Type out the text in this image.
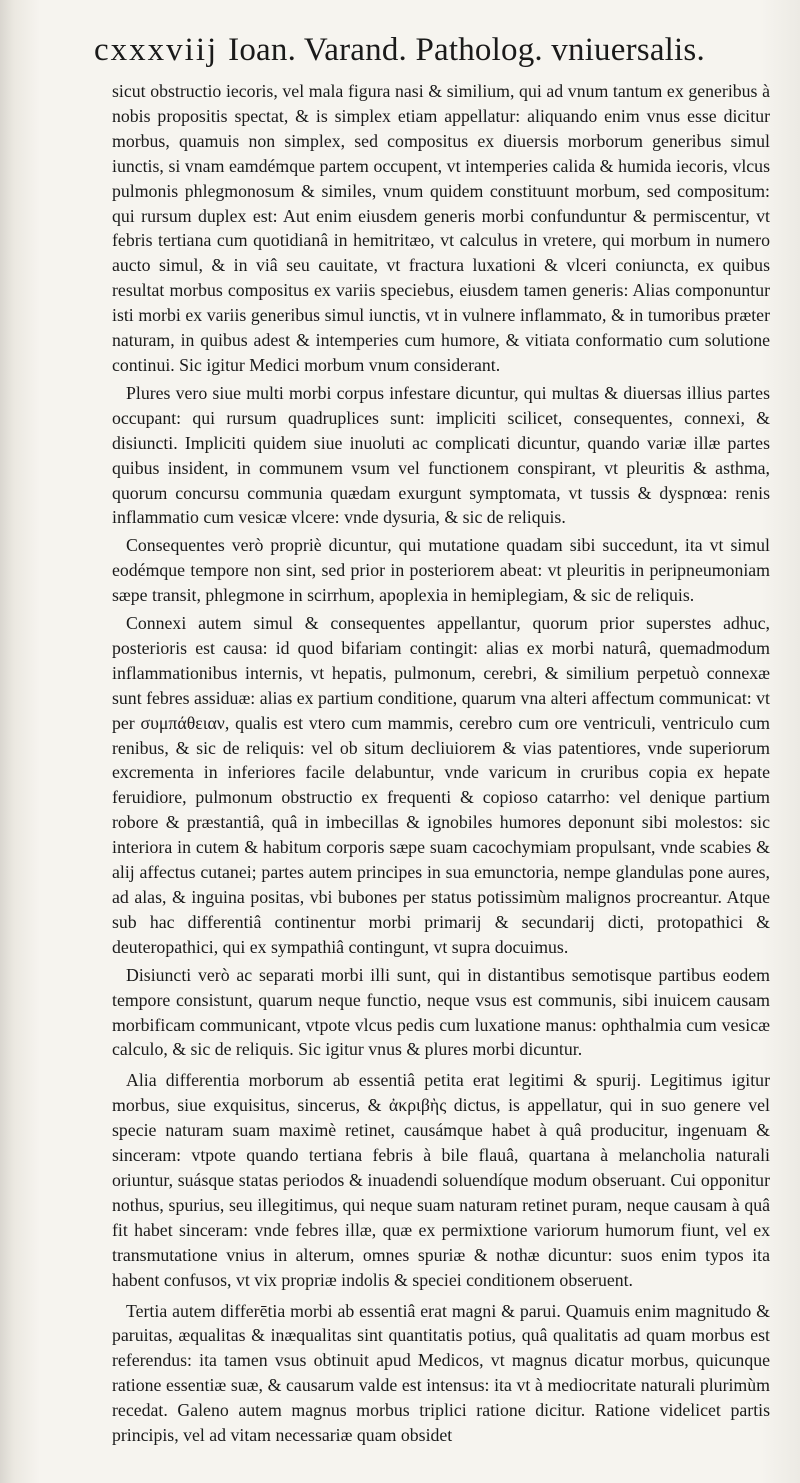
cxxxviij Ioan. Varand. Patholog. vniuersalis.

sicut obstructio iecoris, vel mala figura nasi & similium, qui ad vnum tantum ex generibus à nobis propositis spectat, & is simplex etiam appellatur: aliquando enim vnus esse dicitur morbus, quamuis non simplex, sed compositus ex diuersis morborum generibus simul iunctis, si vnam eamdémque partem occupent, vt intemperies calida & humida iecoris, vlcus pulmonis phlegmonosum & similes, vnum quidem constituunt morbum, sed compositum: qui rursum duplex est: Aut enim eiusdem generis morbi confunduntur & permiscentur, vt febris tertiana cum quotidianâ in hemitritæo, vt calculus in vretere, qui morbum in numero aucto simul, & in viâ seu cauitate, vt fractura luxationi & vlceri coniuncta, ex quibus resultat morbus compositus ex variis speciebus, eiusdem tamen generis: Alias componuntur isti morbi ex variis generibus simul iunctis, vt in vulnere inflammato, & in tumoribus præter naturam, in quibus adest & intemperies cum humore, & vitiata conformatio cum solutione continui. Sic igitur Medici morbum vnum considerant.

Plures vero siue multi morbi corpus infestare dicuntur, qui multas & diuersas illius partes occupant: qui rursum quadruplices sunt: impliciti scilicet, consequentes, connexi, & disiuncti. Impliciti quidem siue inuoluti ac complicati dicuntur, quando variæ illæ partes quibus insident, in communem vsum vel functionem conspirant, vt pleuritis & asthma, quorum concursu communia quædam exurgunt symptomata, vt tussis & dyspnœa: renis inflammatio cum vesicæ vlcere: vnde dysuria, & sic de reliquis.

Consequentes verò propriè dicuntur, qui mutatione quadam sibi succedunt, ita vt simul eodémque tempore non sint, sed prior in posteriorem abeat: vt pleuritis in peripneumoniam sæpe transit, phlegmone in scirrhum, apoplexia in hemiplegiam, & sic de reliquis.

Connexi autem simul & consequentes appellantur, quorum prior superstes adhuc, posterioris est causa: id quod bifariam contingit: alias ex morbi naturâ, quemadmodum inflammationibus internis, vt hepatis, pulmonum, cerebri, & similium perpetuò connexæ sunt febres assiduæ: alias ex partium conditione, quarum vna alteri affectum communicat: vt per συμπάθειαν, qualis est vtero cum mammis, cerebro cum ore ventriculi, ventriculo cum renibus, & sic de reliquis: vel ob situm decliuiorem & vias patentiores, vnde superiorum excrementa in inferiores facile delabuntur, vnde varicum in cruribus copia ex hepate feruidiore, pulmonum obstructio ex frequenti & copioso catarrho: vel denique partium robore & præstantiâ, quâ in imbecillas & ignobiles humores deponunt sibi molestos: sic interiora in cutem & habitum corporis sæpe suam cacochymiam propulsant, vnde scabies & alij affectus cutanei; partes autem principes in sua emunctoria, nempe glandulas pone aures, ad alas, & inguina positas, vbi bubones per status potissimùm malignos procreantur. Atque sub hac differentiâ continentur morbi primarij & secundarij dicti, protopathici & deuteropathici, qui ex sympathiâ contingunt, vt supra docuimus.

Disiuncti verò ac separati morbi illi sunt, qui in distantibus semotisque partibus eodem tempore consistunt, quarum neque functio, neque vsus est communis, sibi inuicem causam morbificam communicant, vtpote vlcus pedis cum luxatione manus: ophthalmia cum vesicæ calculo, & sic de reliquis. Sic igitur vnus & plures morbi dicuntur.

Alia differentia morborum ab essentiâ petita erat legitimi & spurij. Legitimus igitur morbus, siue exquisitus, sincerus, & ἀκριβὴς dictus, is appellatur, qui in suo genere vel specie naturam suam maximè retinet, causámque habet à quâ producitur, ingenuam & sinceram: vtpote quando tertiana febris à bile flauâ, quartana à melancholia naturali oriuntur, suásque statas periodos & inuadendi soluendíque modum obseruant. Cui opponitur nothus, spurius, seu illegitimus, qui neque suam naturam retinet puram, neque causam à quâ fit habet sinceram: vnde febres illæ, quæ ex permixtione variorum humorum fiunt, vel ex transmutatione vnius in alterum, omnes spuriæ & nothæ dicuntur: suos enim typos ita habent confusos, vt vix propriæ indolis & speciei conditionem obseruent.

Tertia autem differētia morbi ab essentiâ erat magni & parui. Quamuis enim magnitudo & paruitas, æqualitas & inæqualitas sint quantitatis potius, quâ qualitatis ad quam morbus est referendus: ita tamen vsus obtinuit apud Medicos, vt magnus dicatur morbus, quicunque ratione essentiæ suæ, & causarum valde est intensus: ita vt à mediocritate naturali plurimùm recedat. Galeno autem magnus morbus triplici ratione dicitur. Ratione videlicet partis principis, vel ad vitam necessariæ quam obsidet
